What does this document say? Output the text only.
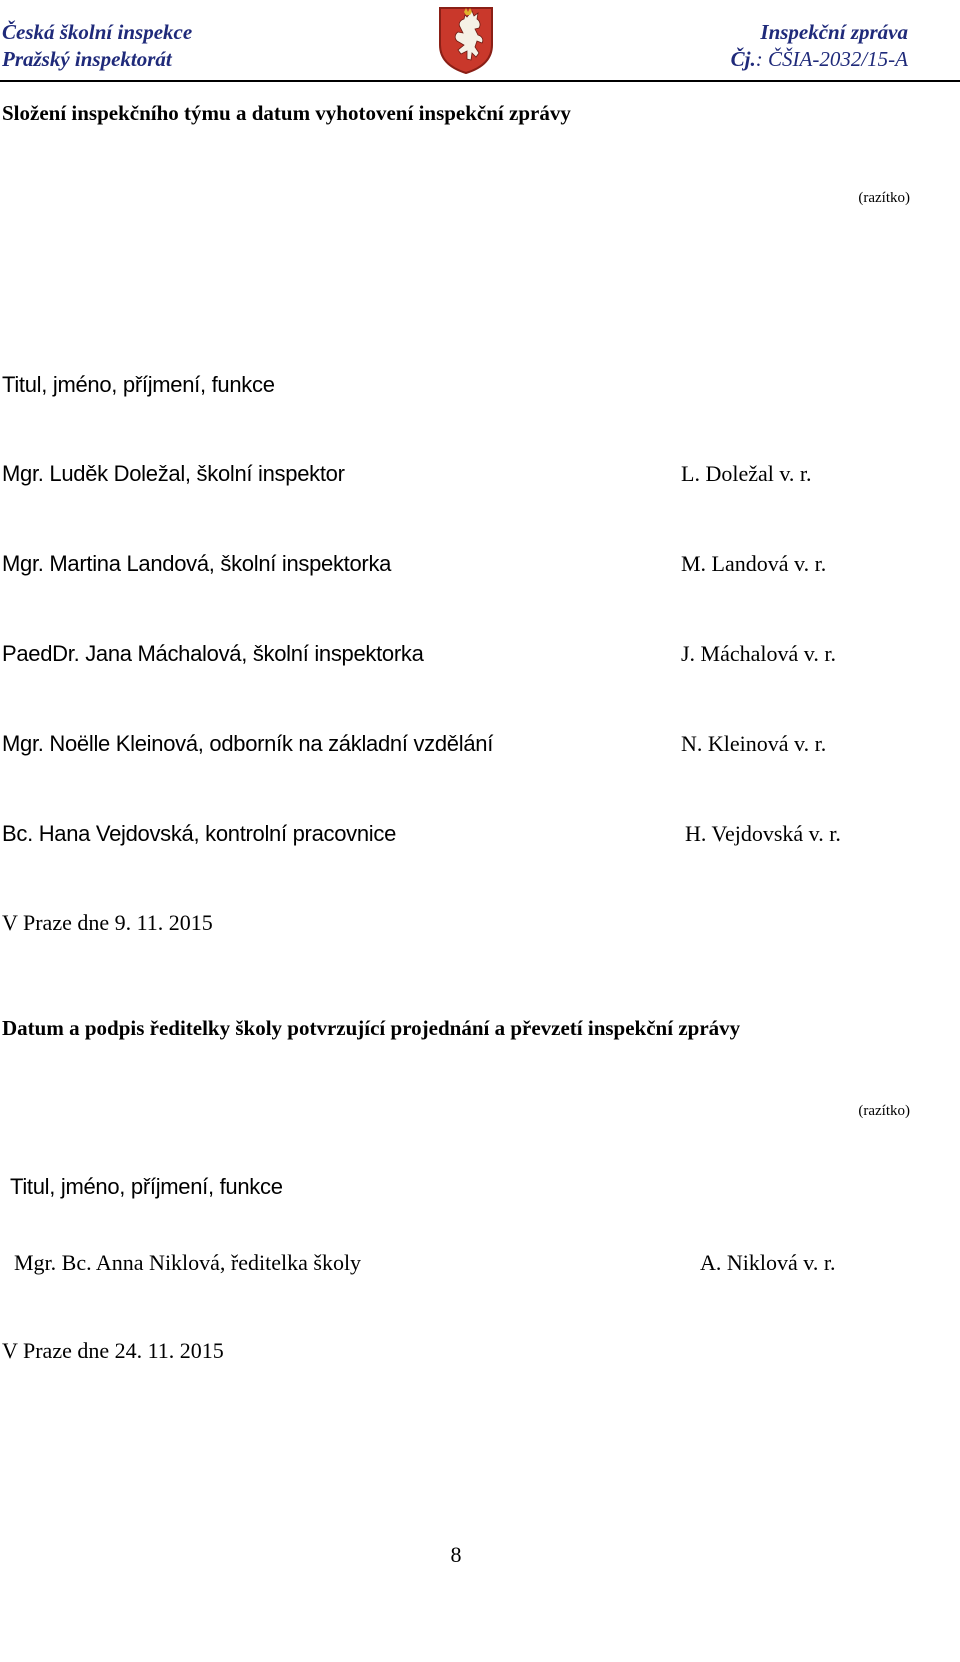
Česká školní inspekce
Pražský inspektorát
Inspekční zpráva
Čj.: ČŠIA-2032/15-A
Složení inspekčního týmu a datum vyhotovení inspekční zprávy
(razítko)
Titul, jméno, příjmení, funkce
Mgr. Luděk Doležal, školní inspektor	L. Doležal v. r.
Mgr. Martina Landová, školní inspektorka	M. Landová v. r.
PaedDr. Jana Máchalová, školní inspektorka	J. Máchalová v. r.
Mgr. Noëlle Kleinová, odborník na základní vzdělání	N. Kleinová v. r.
Bc. Hana Vejdovská, kontrolní pracovnice	H. Vejdovská v. r.
V Praze dne 9. 11. 2015
Datum a podpis ředitelky školy potvrzující projednání a převzetí inspekční zprávy
(razítko)
Titul, jméno, příjmení, funkce
Mgr. Bc. Anna Niklová, ředitelka školy	A. Niklová v. r.
V Praze dne 24. 11. 2015
8
